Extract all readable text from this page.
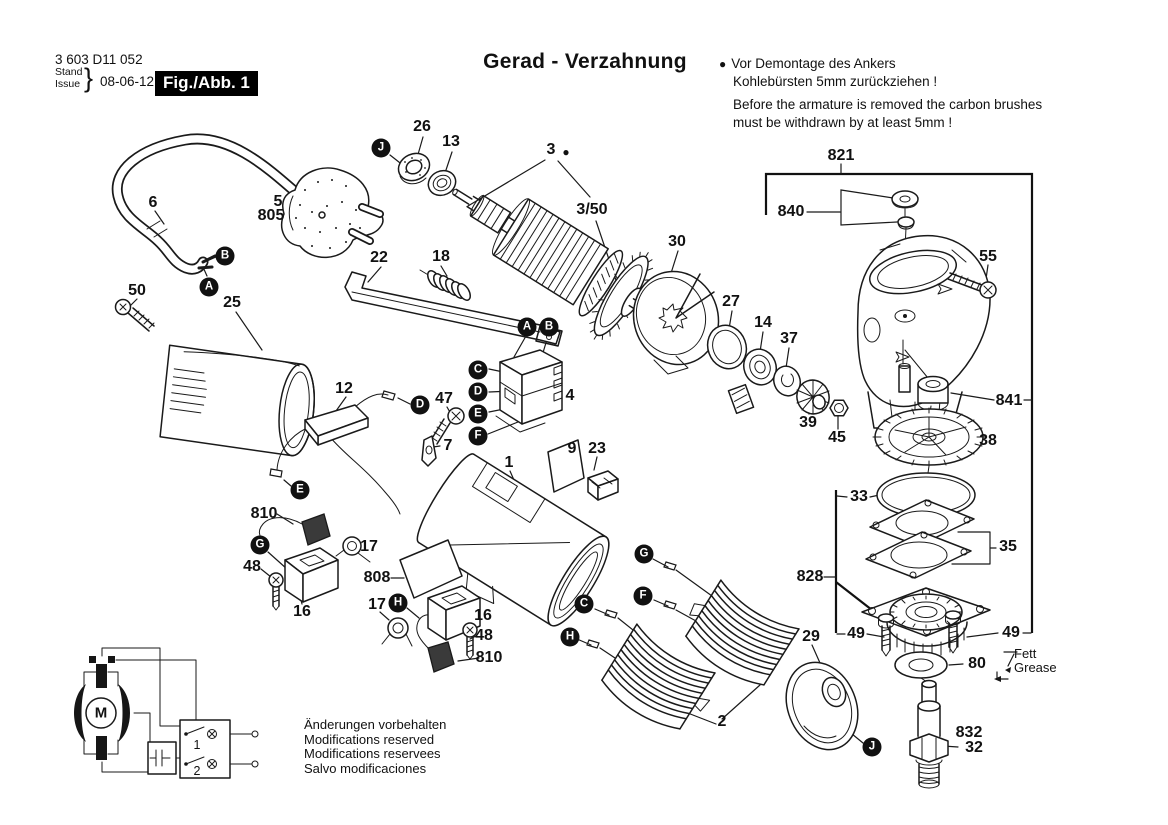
26
13	3 ●
3/50
22	18
30
27
14
37
39
45
821
840
55
841
38
33
35
828
49	49
80
832
32
29
2
50
25
5
805
6
12
47
7
4
9 23
1
810
48
16
17
808
17
16
48
810
J
B
A
A	B
C
D
E
F
D
E
G
H
G
F
C
H
J
M
1
2
3 603 D11 052
Stand
Issue } 08-06-12 Fig./Abb. 1
Gerad - Verzahnung	● Vor Demontage des Ankers
Kohlebürsten 5mm zurückziehen !
Before the armature is removed the carbon brushes
must be withdrawn by at least 5mm !
Änderungen vorbehalten
Modifications reserved
Modifications reservees
Salvo modificaciones
Fett
Grease
